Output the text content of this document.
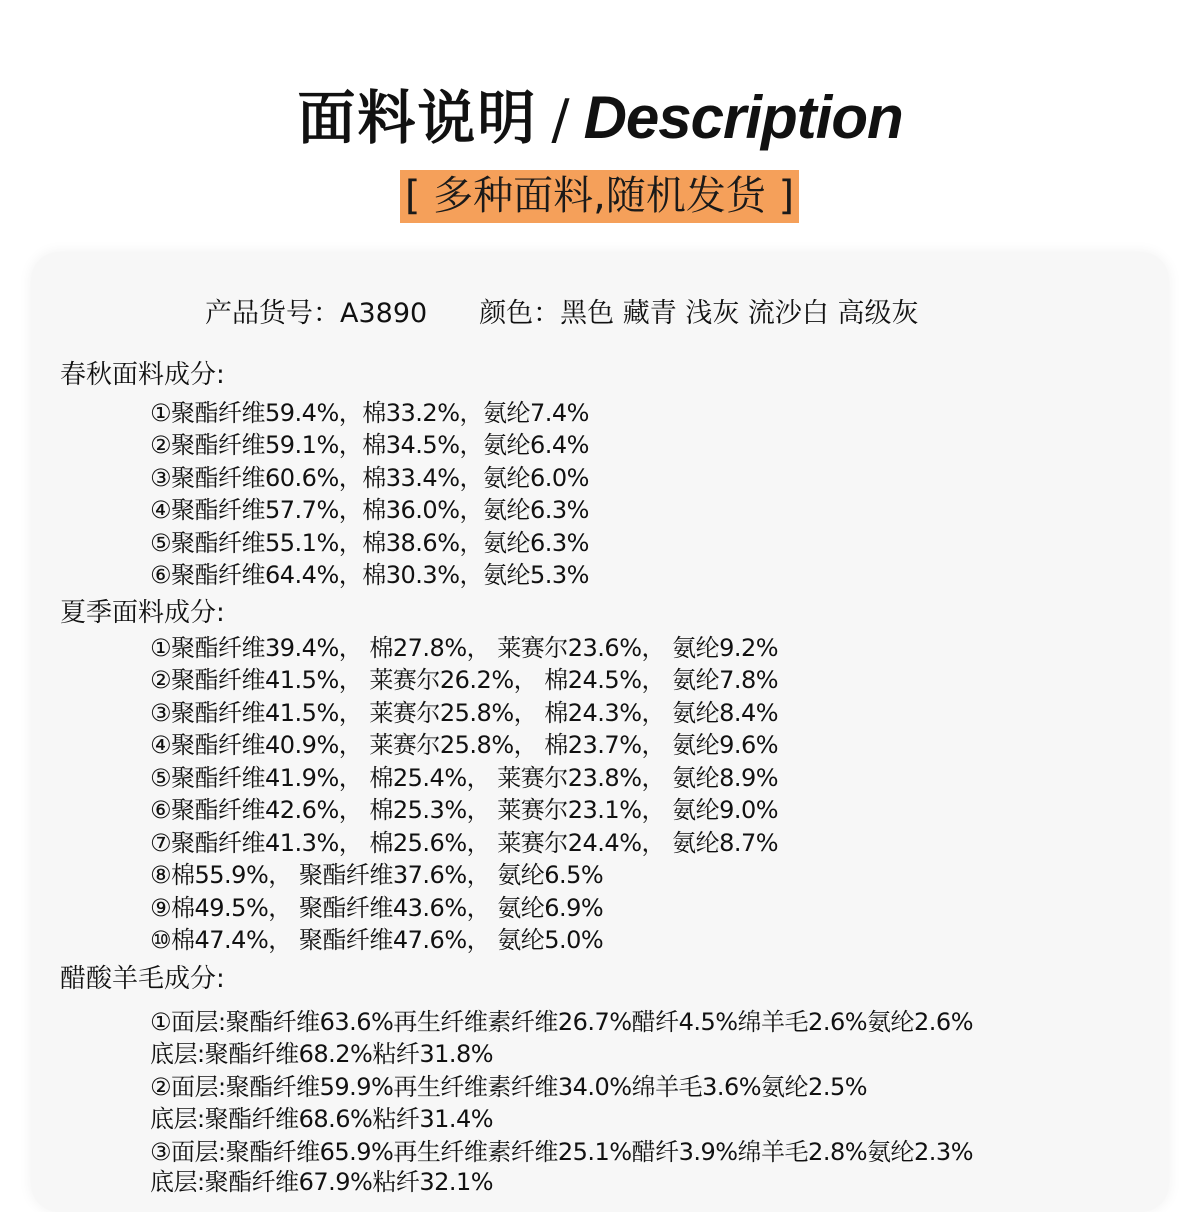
面料说明 / Description
[ 多种面料,随机发货 ]
产品货号：A3890 颜色：黑色 藏青 浅灰 流沙白 高级灰
春秋面料成分:
①聚酯纤维59.4%，棉33.2%，氨纶7.4%
②聚酯纤维59.1%，棉34.5%，氨纶6.4%
③聚酯纤维60.6%，棉33.4%，氨纶6.0%
④聚酯纤维57.7%，棉36.0%，氨纶6.3%
⑤聚酯纤维55.1%，棉38.6%，氨纶6.3%
⑥聚酯纤维64.4%，棉30.3%，氨纶5.3%
夏季面料成分:
①聚酯纤维39.4%， 棉27.8%， 莱赛尔23.6%， 氨纶9.2%
②聚酯纤维41.5%， 莱赛尔26.2%， 棉24.5%， 氨纶7.8%
③聚酯纤维41.5%， 莱赛尔25.8%， 棉24.3%， 氨纶8.4%
④聚酯纤维40.9%， 莱赛尔25.8%， 棉23.7%， 氨纶9.6%
⑤聚酯纤维41.9%， 棉25.4%， 莱赛尔23.8%， 氨纶8.9%
⑥聚酯纤维42.6%， 棉25.3%， 莱赛尔23.1%， 氨纶9.0%
⑦聚酯纤维41.3%， 棉25.6%， 莱赛尔24.4%， 氨纶8.7%
⑧棉55.9%， 聚酯纤维37.6%， 氨纶6.5%
⑨棉49.5%， 聚酯纤维43.6%， 氨纶6.9%
⑩棉47.4%， 聚酯纤维47.6%， 氨纶5.0%
醋酸羊毛成分:
①面层:聚酯纤维63.6%再生纤维素纤维26.7%醋纤4.5%绵羊毛2.6%氨纶2.6%
底层:聚酯纤维68.2%粘纤31.8%
②面层:聚酯纤维59.9%再生纤维素纤维34.0%绵羊毛3.6%氨纶2.5%
底层:聚酯纤维68.6%粘纤31.4%
③面层:聚酯纤维65.9%再生纤维素纤维25.1%醋纤3.9%绵羊毛2.8%氨纶2.3%
底层:聚酯纤维67.9%粘纤32.1%
